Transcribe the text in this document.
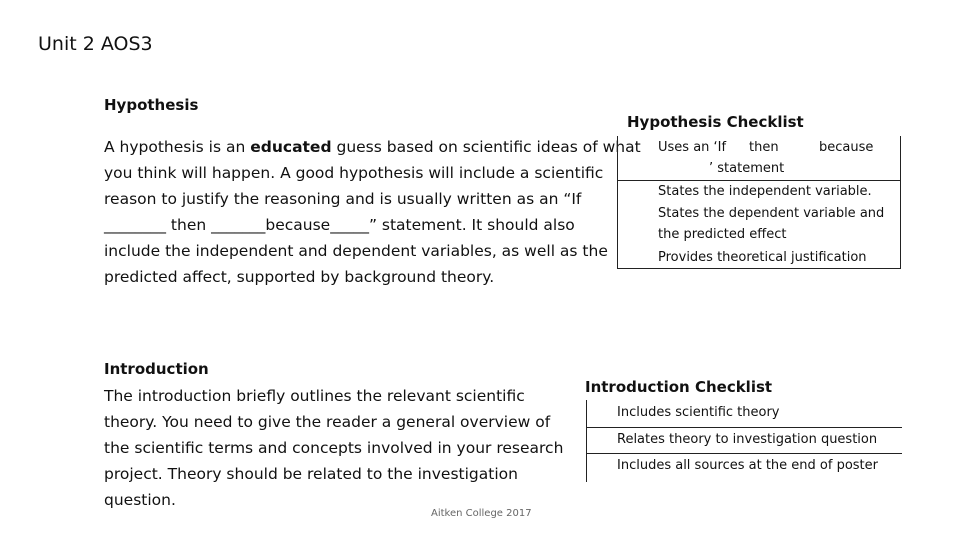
Unit 2 AOS3
Hypothesis
A hypothesis is an educated guess based on scientific ideas of what
you think will happen. A good hypothesis will include a scientific
reason to justify the reasoning and is usually written as an “If
________ then _______because_____” statement. It should also
include the independent and dependent variables, as well as the
predicted affect, supported by background theory.
Hypothesis Checklist
Uses an ‘If then	because
’ statement
States the independent variable.
States the dependent variable and
the predicted effect
Provides theoretical justification
Introduction
The introduction briefly outlines the relevant scientific
theory. You need to give the reader a general overview of
the scientific terms and concepts involved in your research
project. Theory should be related to the investigation
question.
Introduction Checklist
Includes scientific theory
Relates theory to investigation question
Includes all sources at the end of poster
Aitken College 2017
